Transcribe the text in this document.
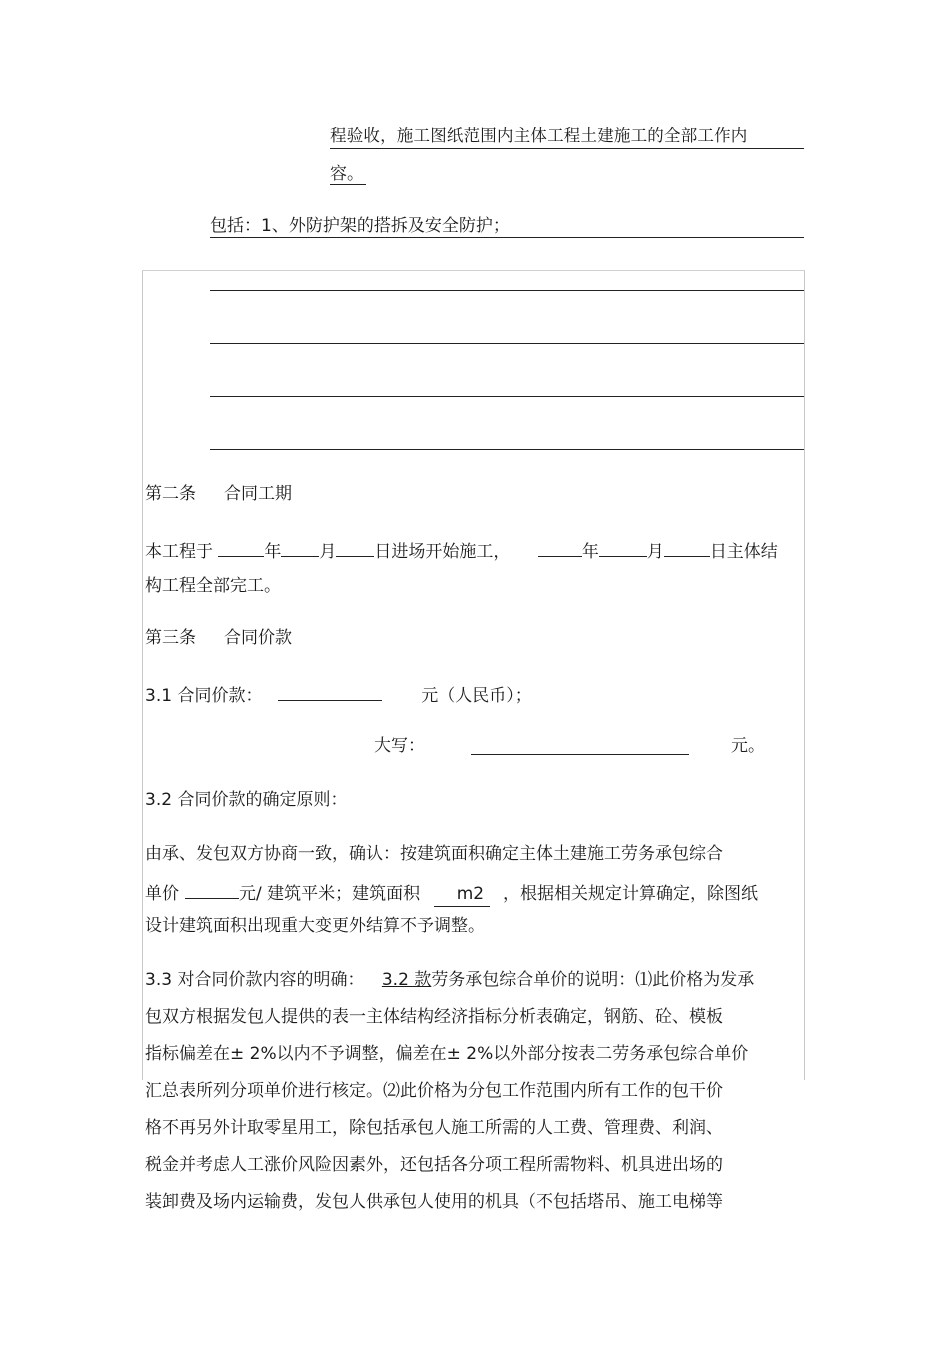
程验收，施工图纸范围内主体工程土建施工的全部工作内
容。
包括：1、外防护架的搭拆及安全防护；
第二条 合同工期
本工程于	年 月 日进场开始施工，	年	月	日主体结
构工程全部完工。
第三条 合同价款
3.1 合同价款：	元（人民币）；
大写：	元。
3.2 合同价款的确定原则：
由承、发包双方协商一致，确认：按建筑面积确定主体土建施工劳务承包综合
单价	元/ 建筑平米；建筑面积 m2 ，根据相关规定计算确定，除图纸
设计建筑面积出现重大变更外结算不予调整。
3.3 对合同价款内容的明确： 3.2 款劳务承包综合单价的说明：⑴此价格为发承
包双方根据发包人提供的表一主体结构经济指标分析表确定，钢筋、砼、模板
指标偏差在± 2%以内不予调整，偏差在± 2%以外部分按表二劳务承包综合单价
汇总表所列分项单价进行核定。⑵此价格为分包工作范围内所有工作的包干价
格不再另外计取零星用工，除包括承包人施工所需的人工费、管理费、利润、
税金并考虑人工涨价风险因素外，还包括各分项工程所需物料、机具进出场的
装卸费及场内运输费，发包人供承包人使用的机具（不包括塔吊、施工电梯等
